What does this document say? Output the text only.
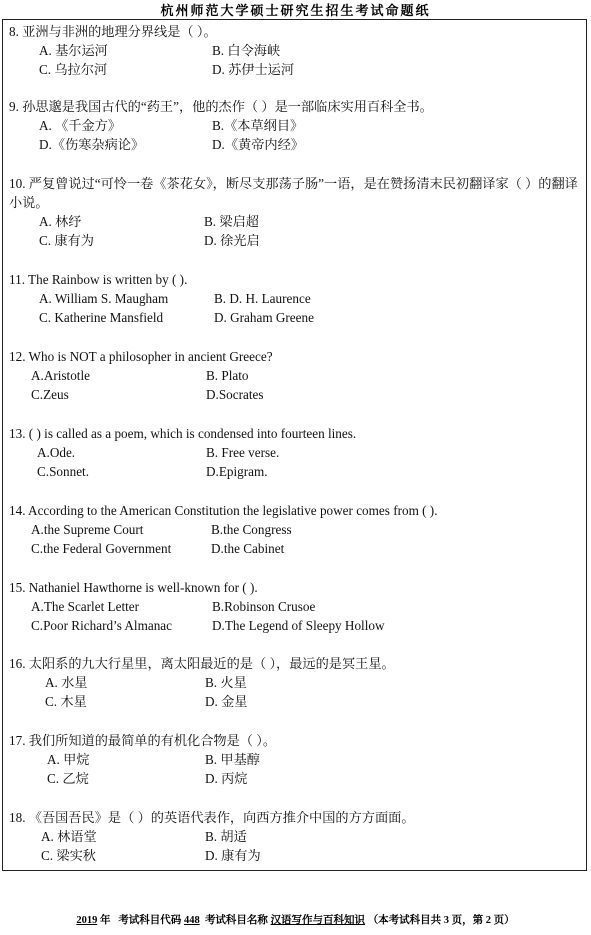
杭州师范大学硕士研究生招生考试命题纸
8. 亚洲与非洲的地理分界线是（ ）。
A. 基尔运河	B. 白令海峡
C. 乌拉尔河	D. 苏伊士运河
9. 孙思邈是我国古代的“药王”，他的杰作（ ）是一部临床实用百科全书。
A. 《千金方》	B.《本草纲目》
D.《伤寒杂病论》	D.《黄帝内经》
10. 严复曾说过“可怜一卷《茶花女》，断尽支那荡子肠”一语，是在赞扬清末民初翻译家（ ）的翻译小说。
A. 林纾	B. 梁启超
C. 康有为	D. 徐光启
11. The Rainbow is written by ( ).
A. William S. Maugham	B. D. H. Laurence
C. Katherine Mansfield	D. Graham Greene
12. Who is NOT a philosopher in ancient Greece?
A.Aristotle	B. Plato
C.Zeus	D.Socrates
13. ( ) is called as a poem, which is condensed into fourteen lines.
A.Ode.	B. Free verse.
C.Sonnet.	D.Epigram.
14. According to the American Constitution the legislative power comes from ( ).
A.the Supreme Court	B.the Congress
C.the Federal Government	D.the Cabinet
15. Nathaniel Hawthorne is well-known for ( ).
A.The Scarlet Letter	B.Robinson Crusoe
C.Poor Richard’s Almanac	D.The Legend of Sleepy Hollow
16. 太阳系的九大行星里，离太阳最近的是（ ），最远的是冥王星。
A. 水星	B. 火星
C. 木星	D. 金星
17. 我们所知道的最简单的有机化合物是（ ）。
A. 甲烷	B. 甲基醇
C. 乙烷	D. 丙烷
18. 《吾国吾民》是（ ）的英语代表作，向西方推介中国的方方面面。
A. 林语堂	B. 胡适
C. 梁实秋	D. 康有为
2019 年 考试科目代码 448 考试科目名称 汉语写作与百科知识 （本考试科目共 3 页，第 2 页）
